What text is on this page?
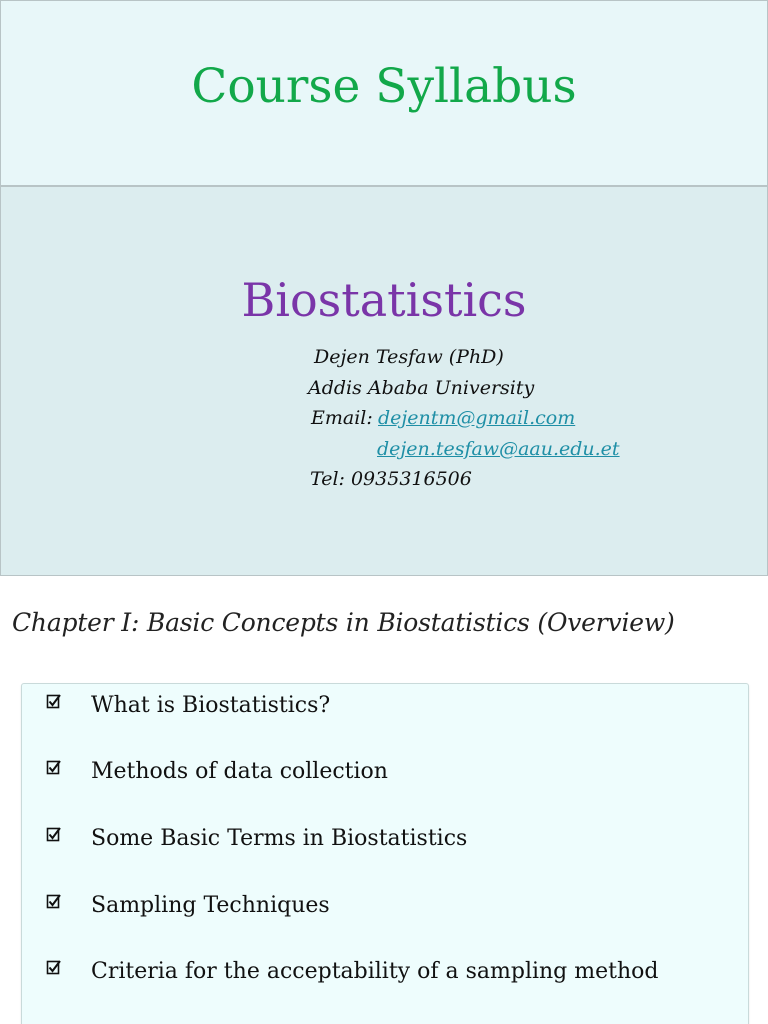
Course Syllabus
Biostatistics
Dejen Tesfaw (PhD)
Addis Ababa University
Email: dejentm@gmail.com
dejen.tesfaw@aau.edu.et
Tel: 0935316506
Chapter I: Basic Concepts in Biostatistics (Overview)
What is Biostatistics?
Methods of data collection
Some Basic Terms in Biostatistics
Sampling Techniques
Criteria for the acceptability of a sampling method
